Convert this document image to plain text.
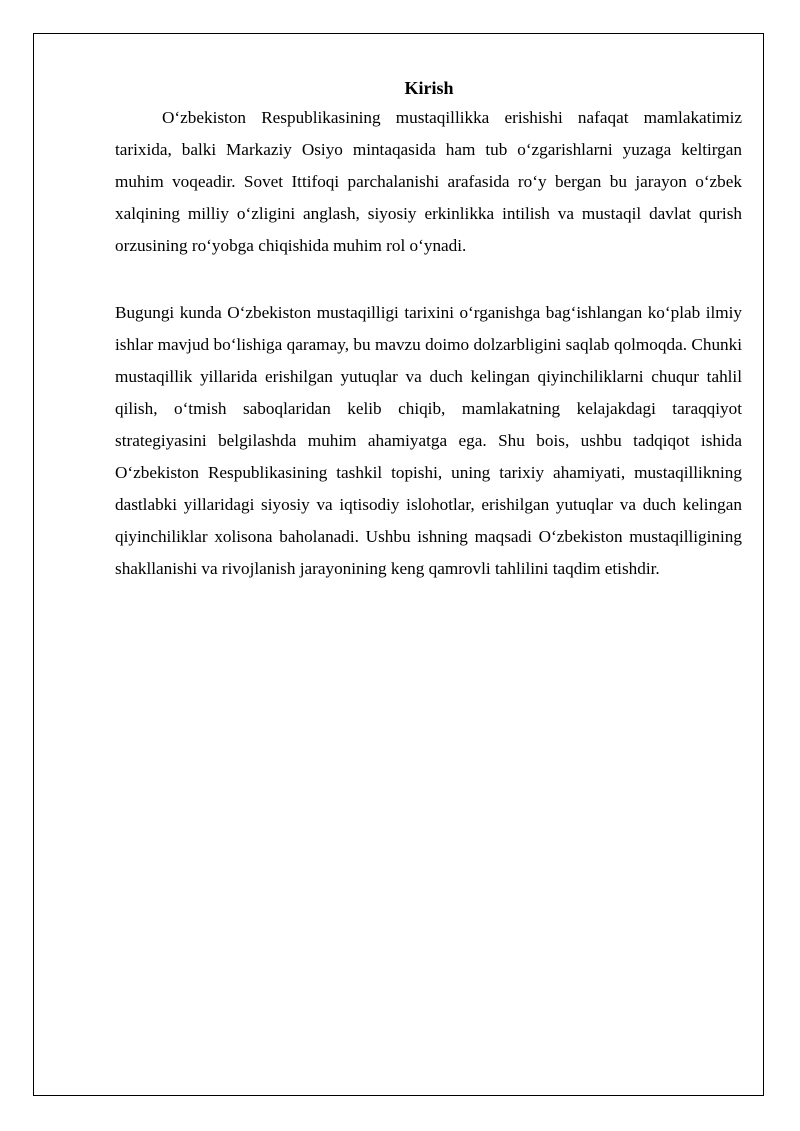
Kirish

O‘zbekiston Respublikasining mustaqillikka erishishi nafaqat mamlakatimiz tarixida, balki Markaziy Osiyo mintaqasida ham tub o‘zgarishlarni yuzaga keltirgan muhim voqeadir. Sovet Ittifoqi parchalanishi arafasida ro‘y bergan bu jarayon o‘zbek xalqining milliy o‘zligini anglash, siyosiy erkinlikka intilish va mustaqil davlat qurish orzusining ro‘yobga chiqishida muhim rol o‘ynadi.

Bugungi kunda O‘zbekiston mustaqilligi tarixini o‘rganishga bag‘ishlangan ko‘plab ilmiy ishlar mavjud bo‘lishiga qaramay, bu mavzu doimo dolzarbligini saqlab qolmoqda. Chunki mustaqillik yillarida erishilgan yutuqlar va duch kelingan qiyinchiliklarni chuqur tahlil qilish, o‘tmish saboqlaridan kelib chiqib, mamlakatning kelajakdagi taraqqiyot strategiyasini belgilashda muhim ahamiyatga ega. Shu bois, ushbu tadqiqot ishida O‘zbekiston Respublikasining tashkil topishi, uning tarixiy ahamiyati, mustaqillikning dastlabki yillaridagi siyosiy va iqtisodiy islohotlar, erishilgan yutuqlar va duch kelingan qiyinchiliklar xolisona baholanadi. Ushbu ishning maqsadi O‘zbekiston mustaqilligining shakllanishi va rivojlanish jarayonining keng qamrovli tahlilini taqdim etishdir.
